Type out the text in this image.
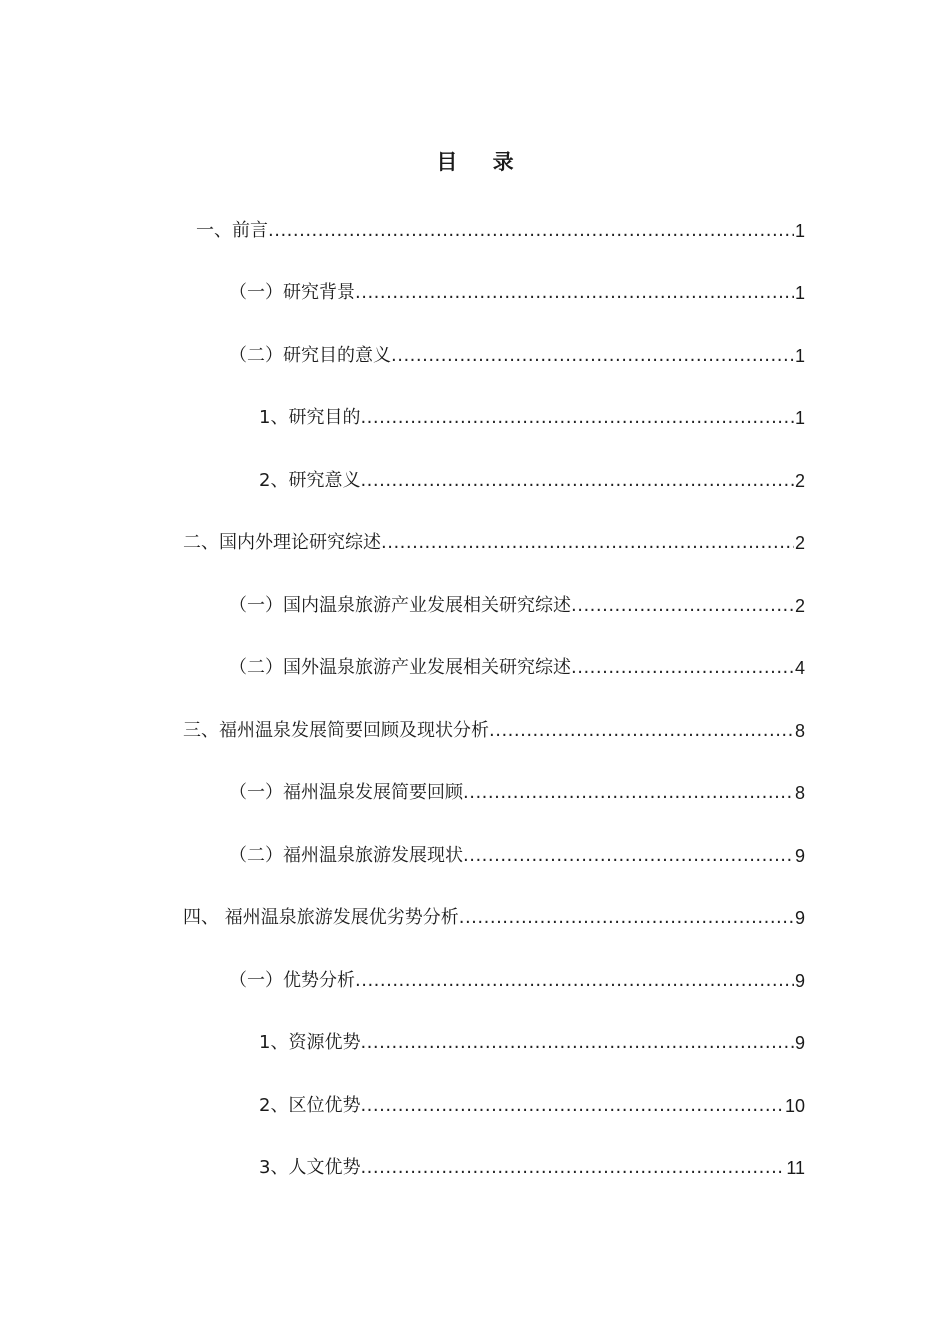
目 录
一、前言 .....	1
（一）研究背景 .....	1
（二）研究目的意义 .....	1
1、研究目的 .....	1
2、研究意义 .....	2
二、国内外理论研究综述 .....	2
（一）国内温泉旅游产业发展相关研究综述 .....	2
（二）国外温泉旅游产业发展相关研究综述 .....	4
三、福州温泉发展简要回顾及现状分析 .....	8
（一）福州温泉发展简要回顾 .....	8
（二）福州温泉旅游发展现状 .....	9
四、 福州温泉旅游发展优劣势分析 .....	9
（一）优势分析 .....	9
1、资源优势 .....	9
2、区位优势 .....	10
3、人文优势 .....	11
